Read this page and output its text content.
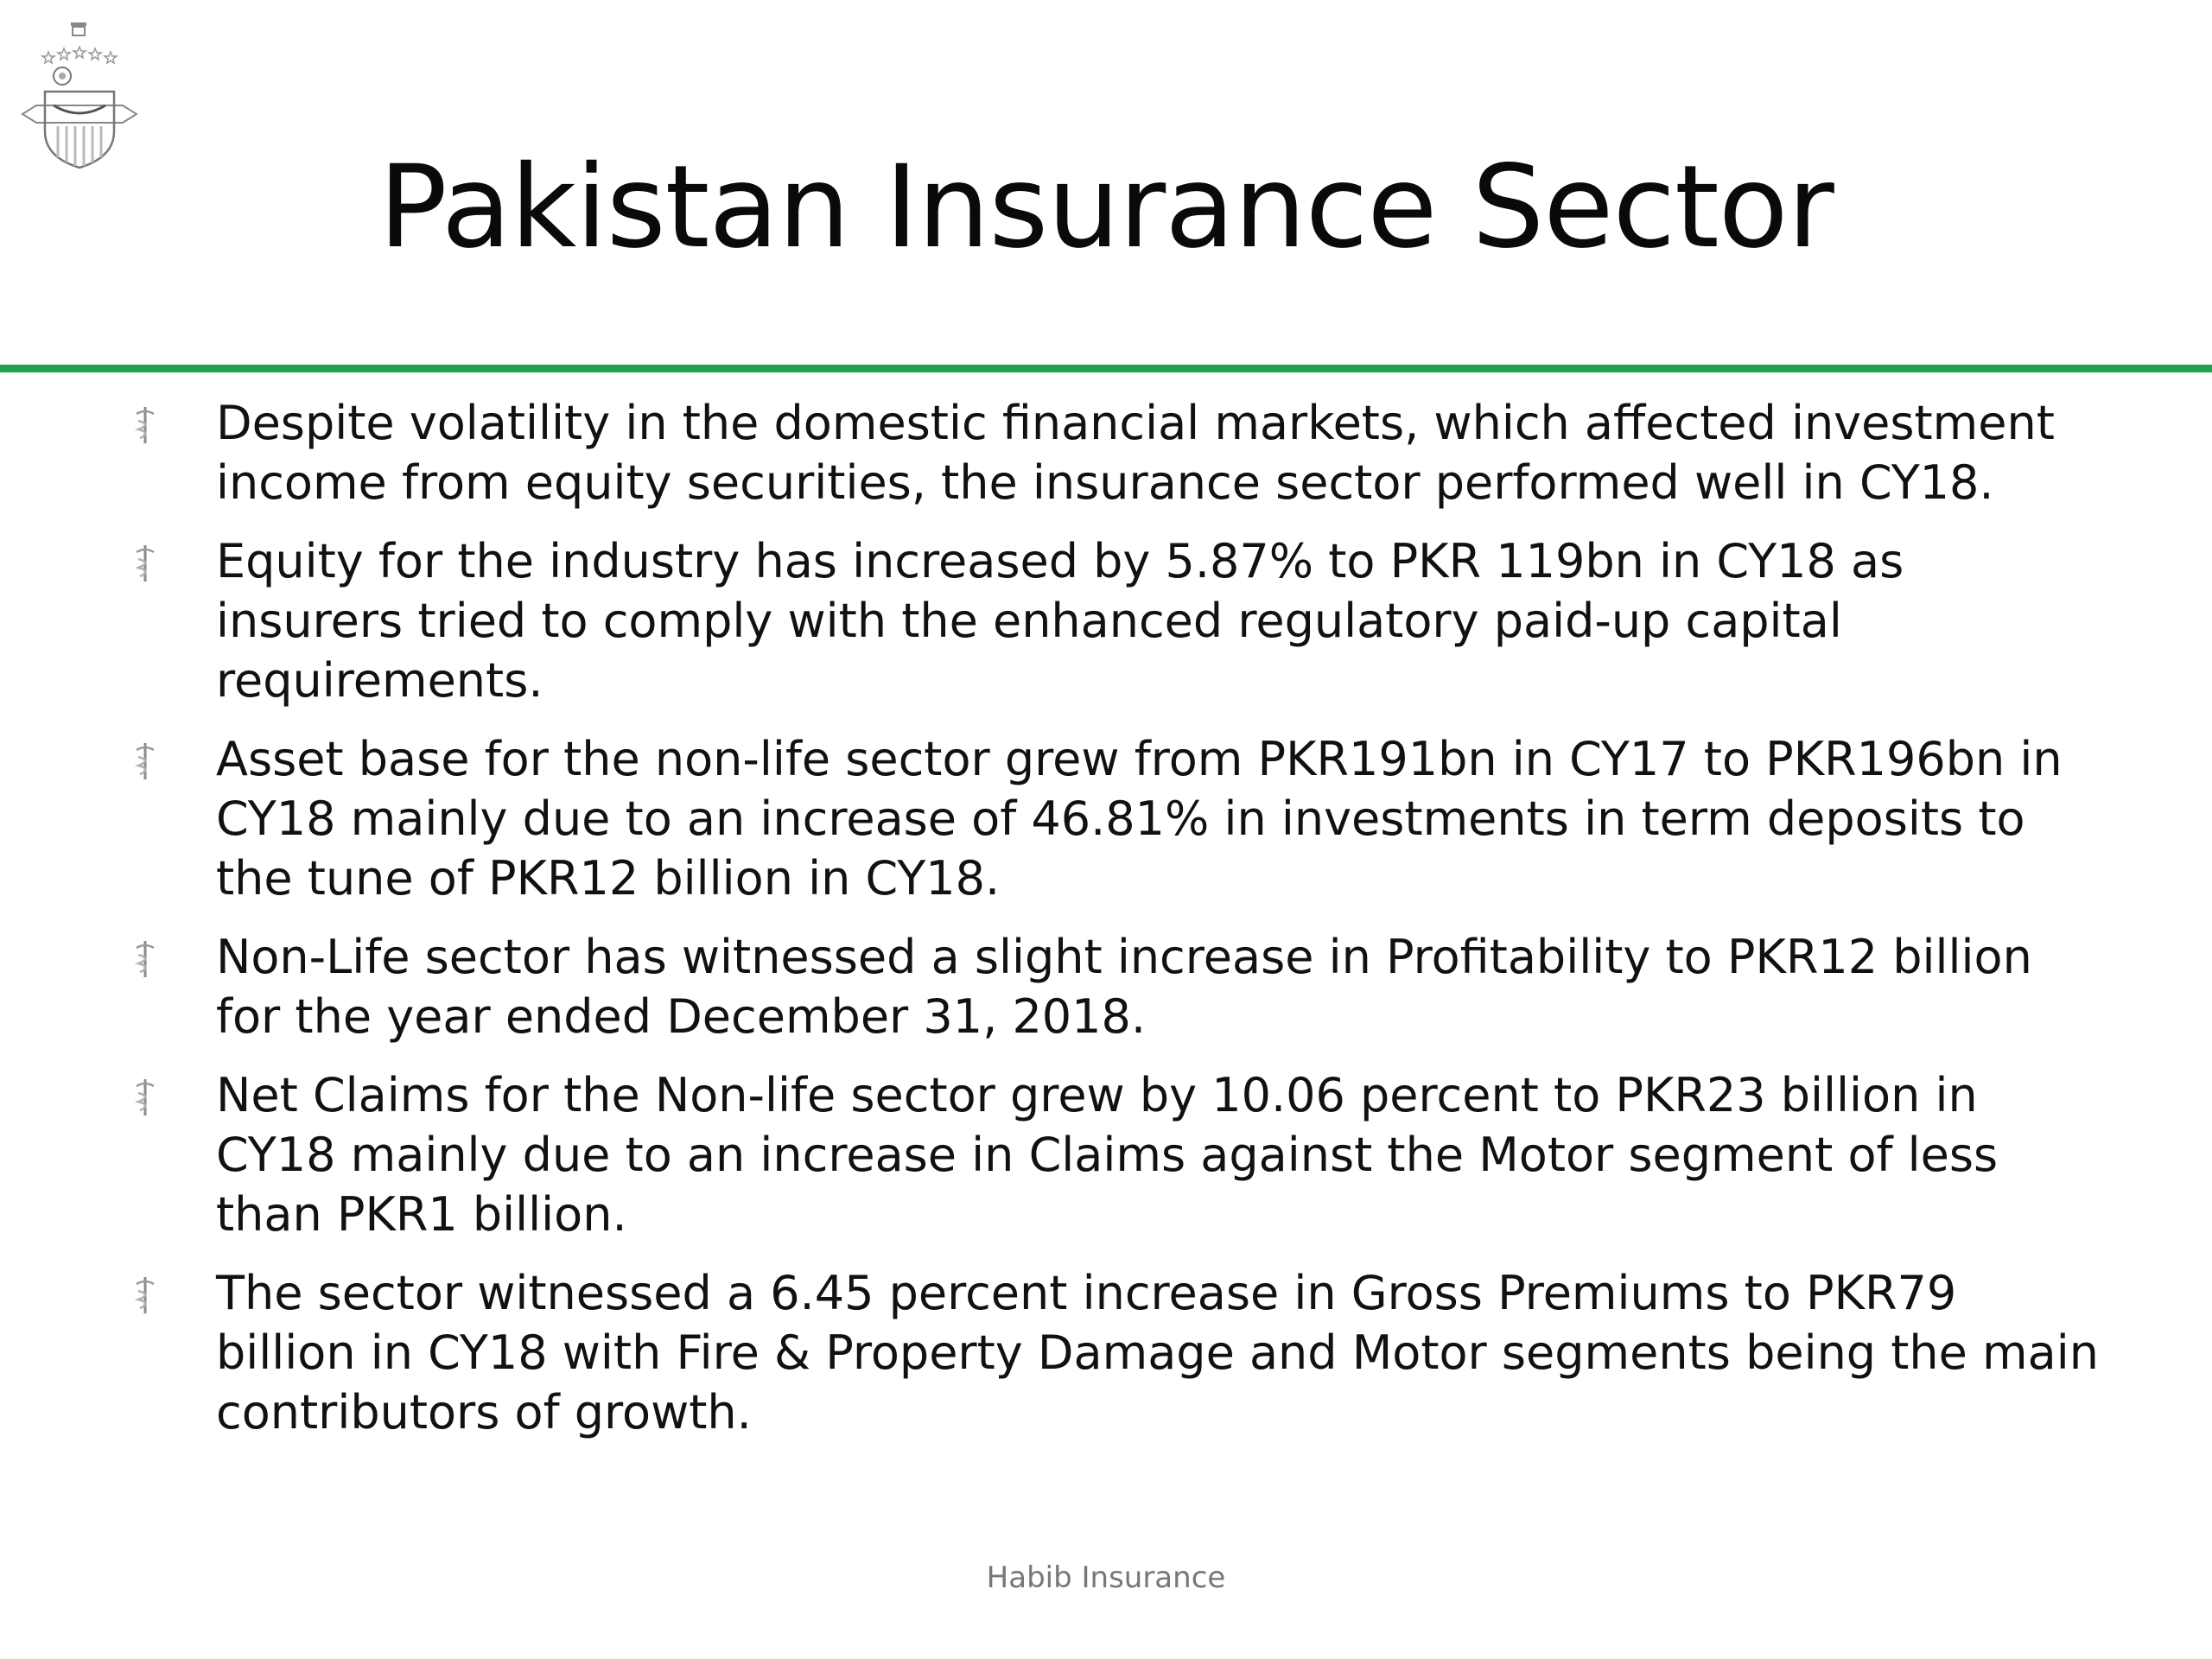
Pakistan Insurance Sector
Despite volatility in the domestic financial markets, which affected investment income from equity securities, the insurance sector performed well in CY18.
Equity for the industry has increased by 5.87% to PKR 119bn in CY18 as insurers tried to comply with the enhanced regulatory paid-up capital requirements.
Asset base for the non-life sector grew from PKR191bn in CY17 to PKR196bn in CY18 mainly due to an increase of 46.81% in investments in term deposits to the tune of PKR12 billion in CY18.
Non-Life sector has witnessed a slight increase in Profitability to PKR12 billion for the year ended December 31, 2018.
Net Claims for the Non-life sector grew by 10.06 percent to PKR23 billion in CY18 mainly due to an increase in Claims against the Motor segment of less than PKR1 billion.
The sector witnessed a 6.45 percent increase in Gross Premiums to PKR79 billion in CY18 with Fire & Property Damage and Motor segments being the main contributors of growth.
Habib Insurance
